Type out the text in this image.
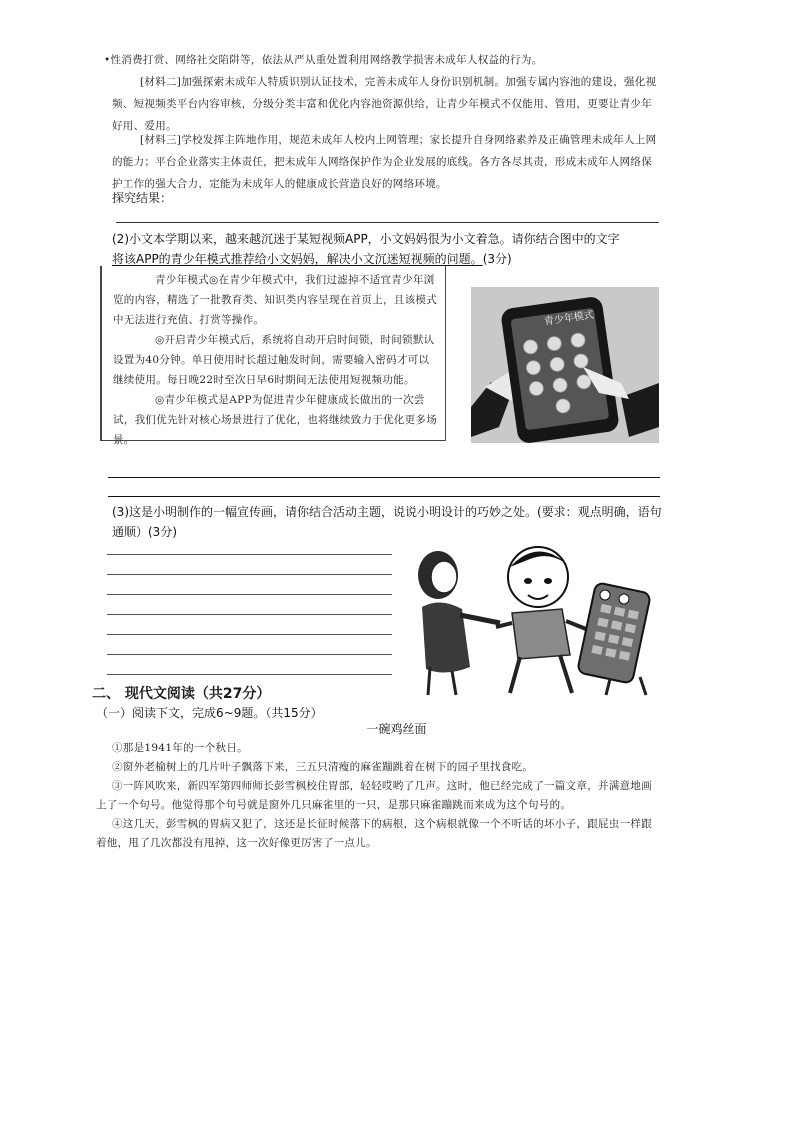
•性消费打赏、网络社交陷阱等，依法从严从重处置利用网络教学损害未成年人权益的行为。
[材料二]加强探索未成年人特质识别认证技术，完善未成年人身份识别机制。加强专属内容池的建设，强化视频、短视频类平台内容审核，分级分类丰富和优化内容池资源供给，让青少年模式不仅能用、管用，更要让青少年好用、爱用。
[材料三]学校发挥主阵地作用，规范未成年人校内上网管理；家长提升自身网络素养及正确管理未成年人上网的能力；平台企业落实主体责任，把未成年人网络保护作为企业发展的底线。各方各尽其责，形成未成年人网络保护工作的强大合力，定能为未成年人的健康成长营造良好的网络环境。
探究结果：
(2)小文本学期以来，越来越沉迷于某短视频APP，小文妈妈很为小文着急。请你结合图中的文字
将该APP的青少年模式推荐给小文妈妈，解决小文沉迷短视频的问题。(3分)

青少年模式◎在青少年模式中，我们过滤掉不适宜青少年浏览的内容，精选了一批教育类、知识类内容呈现在首页上，且该模式中无法进行充值、打赏等操作。

◎开启青少年模式后，系统将自动开启时间锁，时间锁默认设置为40分钟。单日使用时长超过触发时间，需要输入密码才可以继续使用。每日晚22时至次日早6时期间无法使用短视频功能。

◎青少年模式是APP为促进青少年健康成长做出的一次尝试，我们优先针对核心场景进行了优化，也将继续致力于优化更多场景。

青少年模式
(3)这是小明制作的一幅宣传画，请你结合活动主题，说说小明设计的巧妙之处。(要求：观点明确，语句通顺）(3分)
二、 现代文阅读（共27分）
（一）阅读下文，完成6~9题。（共15分）
一碗鸡丝面

①那是1941年的一个秋日。

②窗外老榆树上的几片叶子飘落下来，三五只清瘦的麻雀蹦跳着在树下的园子里找食吃。

③一阵风吹来，新四军第四师师长彭雪枫校住胃部，轻轻哎哟了几声。这时，他已经完成了一篇文章，并满意地画上了一个句号。他觉得那个句号就是窗外几只麻雀里的一只，是那只麻雀蹦跳而来成为这个句号的。

④这几天，彭雪枫的胃病又犯了，这还是长征时候落下的病根，这个病根就像一个不听话的坏小子，跟屁虫一样跟着他，甩了几次都没有甩掉，这一次好像更厉害了一点儿。
